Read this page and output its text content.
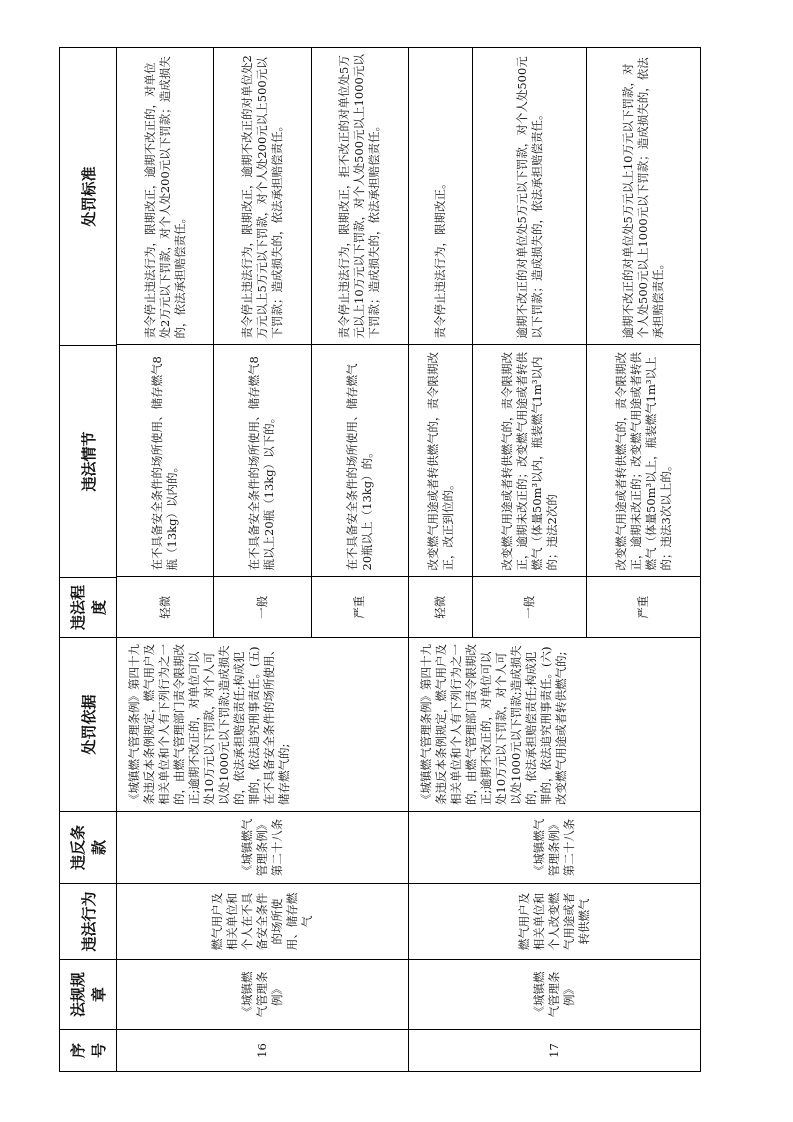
序号	法规规章	违法行为	违反条款	处罚依据	违法程度	违法情节	处罚标准
16	《城镇燃气管理条例》	燃气用户及相关单位和个人在不具备安全条件的场所使用、储存燃气	《城镇燃气管理条例》第二十八条	《城镇燃气管理条例》第四十九条违反本条例规定，燃气用户及相关单位和个人有下列行为之一的，由燃气管理部门责令限期改正;逾期不改正的，对单位可以处10万元以下罚款，对个人可以处1000元以下罚款;造成损失的，依法承担赔偿责任;构成犯罪的，依法追究刑事责任。(五)在不具备安全条件的场所使用、储存燃气的;	
轻微	在不具备安全条件的场所使用、储存燃气8瓶（13kg）以内的。	责令停止违法行为，限期改正，逾期不改正的，对单位处2万元以下罚款，对个人处200元以下罚款；造成损失的，依法承担赔偿责任。
一般	在不具备安全条件的场所使用、储存燃气8瓶以上20瓶（13kg）以下的。	责令停止违法行为，限期改正，逾期不改正的对单位处2万元以上5万元以下罚款，对个人处200元以上500元以下罚款；造成损失的，依法承担赔偿责任。
严重	在不具备安全条件的场所使用、储存燃气20瓶以上（13kg）的。	责令停止违法行为，限期改正，拒不改正的对单位处5万元以上10万元以下罚款，对个人处500元以上1000元以下罚款；造成损失的，依法承担赔偿责任。

17	《城镇燃气管理条例》	燃气用户及相关单位和个人改变燃气用途或者转供燃气	《城镇燃气管理条例》第二十八条	《城镇燃气管理条例》第四十九条违反本条例规定，燃气用户及相关单位和个人有下列行为之一的，由燃气管理部门责令限期改正;逾期不改正的，对单位可以处10万元以下罚款，对个人可以处1000元以下罚款;造成损失的，依法承担赔偿责任;构成犯罪的，依法追究刑事责任。(六)改变燃气用途或者转供燃气的;	
轻微	改变燃气用途或者转供燃气的，责令限期改正，改正到位的。	责令停止违法行为，限期改正。
一般	改变燃气用途或者转供燃气的，责令限期改正，逾期未改正的；改变燃气用途或者转供燃气（体量50m³以内，瓶装燃气1m³以内的；违法2次的	逾期不改正的对单位处5万元以下罚款，对个人处500元以下罚款；造成损失的，依法承担赔偿责任。
严重	改变燃气用途或者转供燃气的，责令限期改正，逾期未改正的；改变燃气用途或者转供燃气（体量50m³以上，瓶装燃气1m³以上的；违法3次以上的。	逾期不改正的对单位处5万元以上10万元以下罚款，对个人处500元以上1000元以下罚款；造成损失的，依法承担赔偿责任。
